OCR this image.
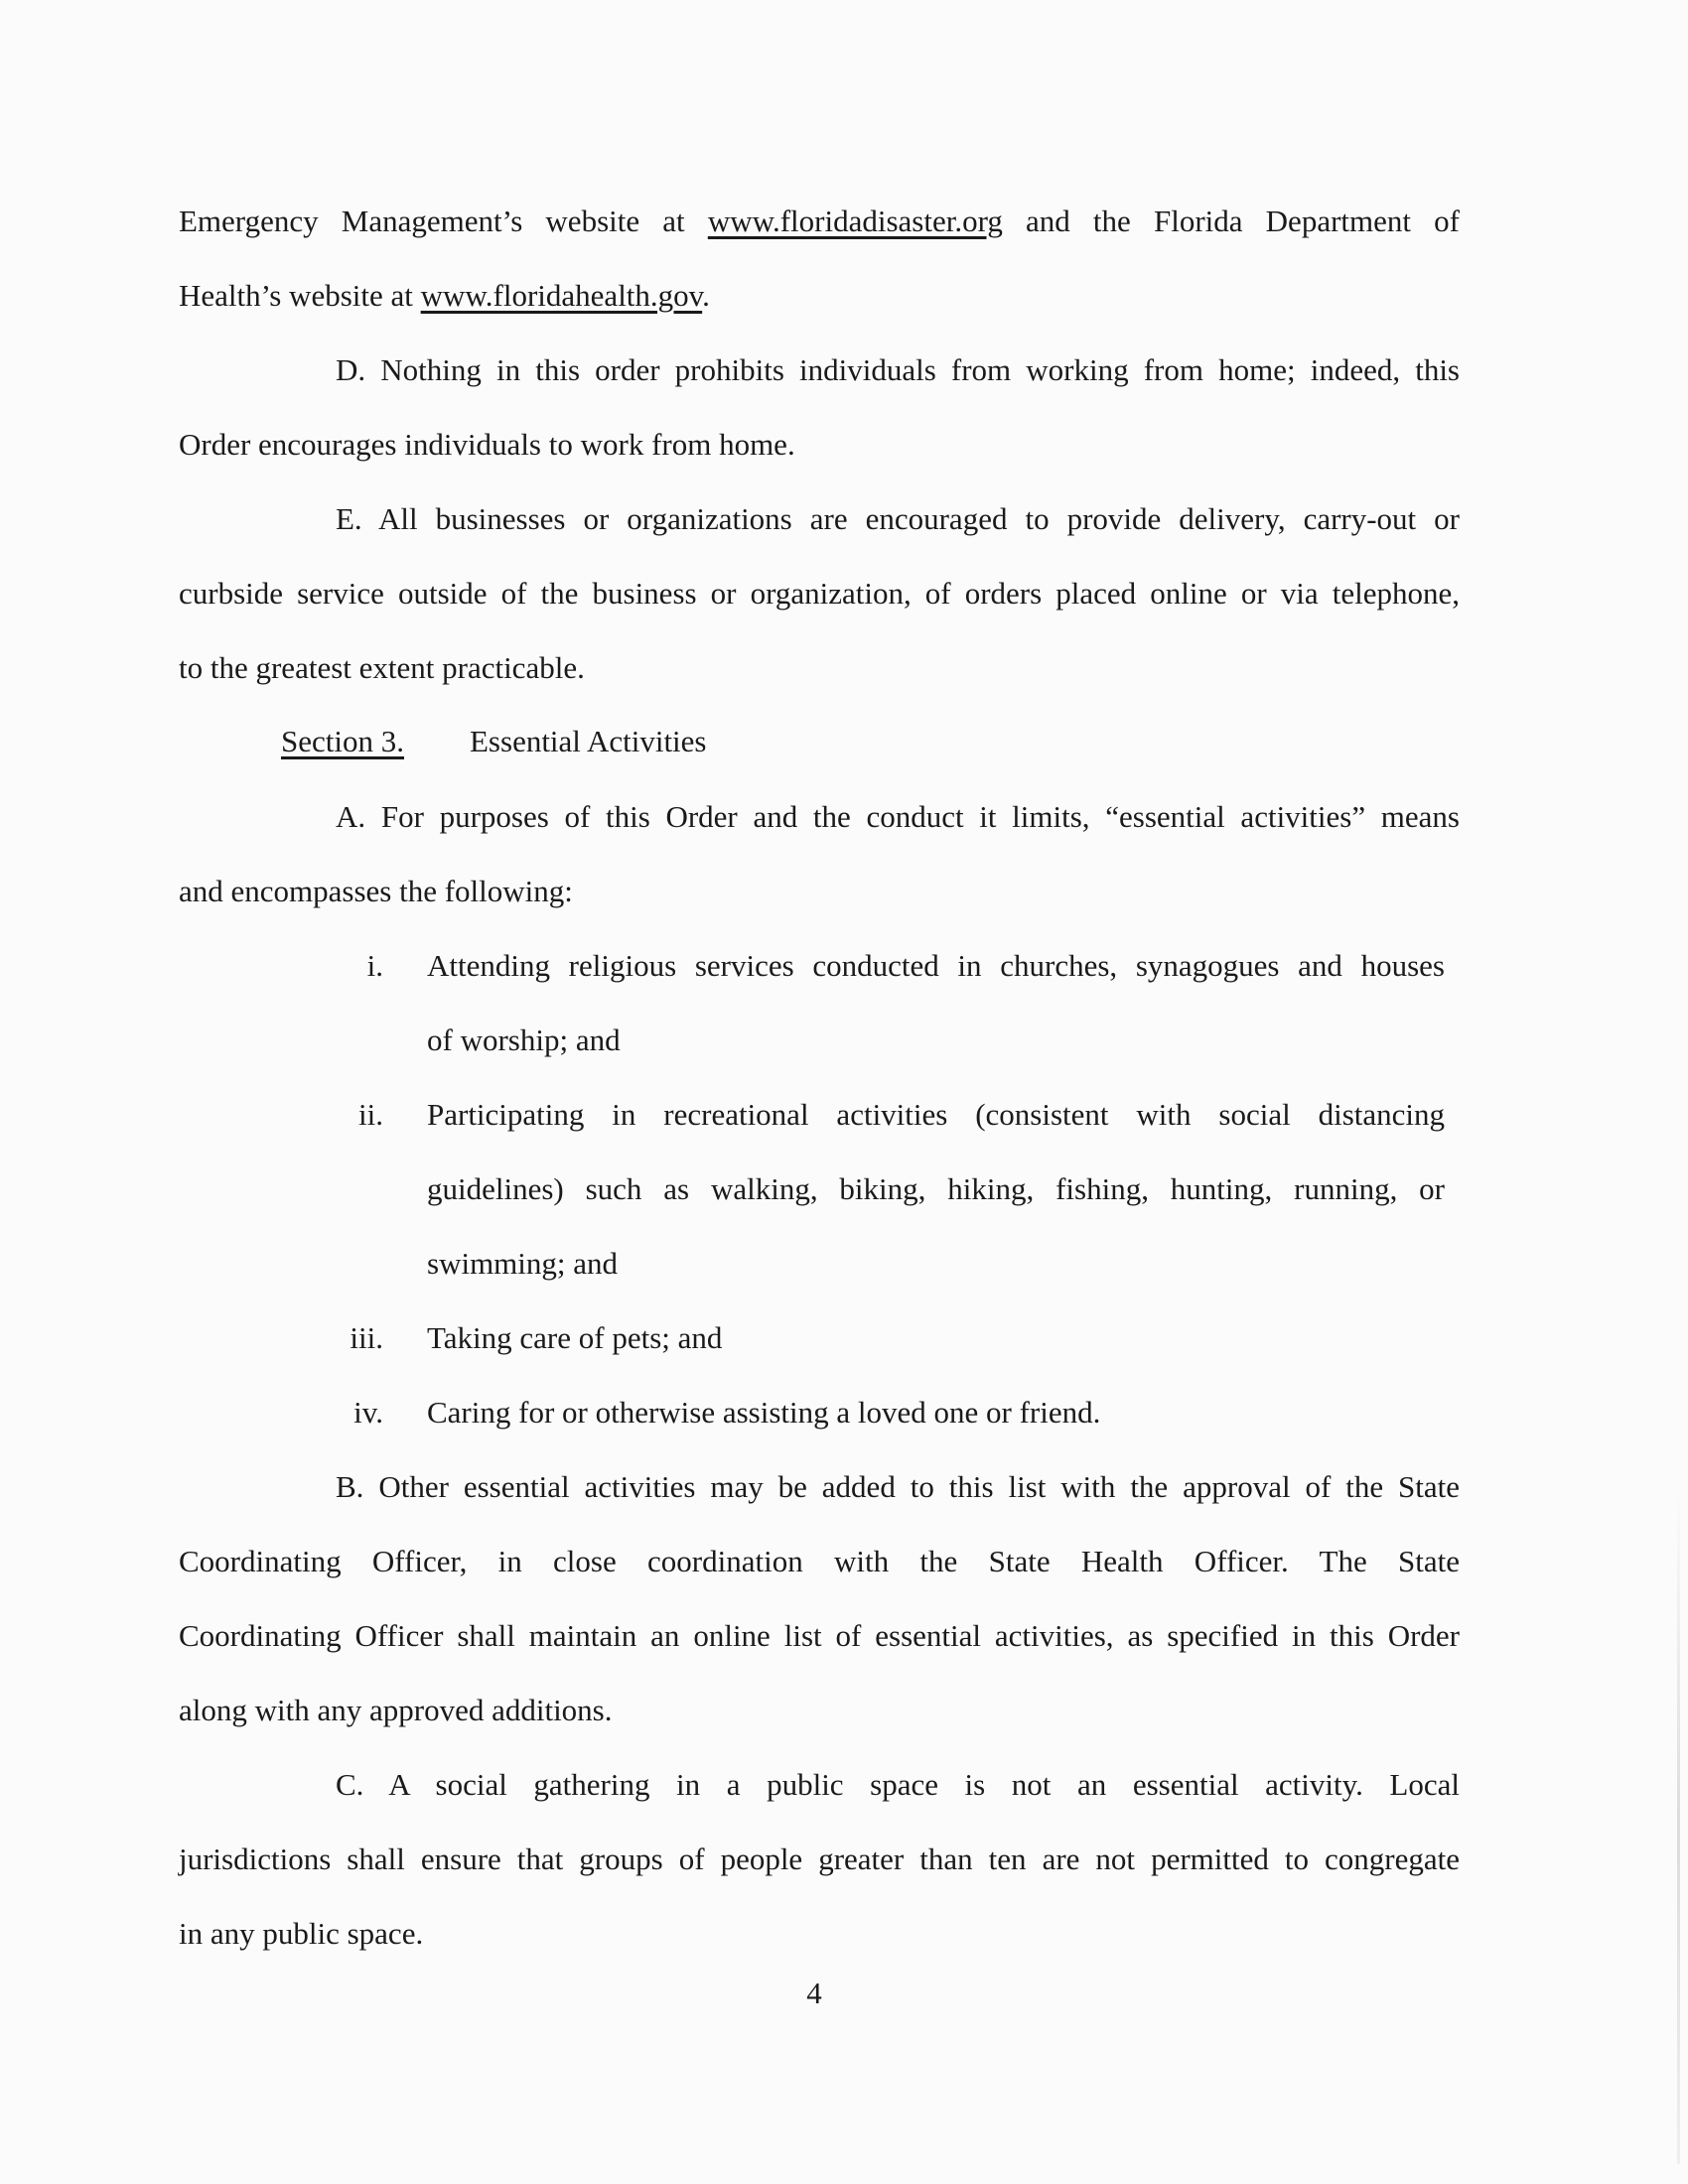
Emergency Management’s website at www.floridadisaster.org and the Florida Department of
Health’s website at www.floridahealth.gov.
D. Nothing in this order prohibits individuals from working from home; indeed, this
Order encourages individuals to work from home.
E. All businesses or organizations are encouraged to provide delivery, carry-out or
curbside service outside of the business or organization, of orders placed online or via telephone,
to the greatest extent practicable.
Section 3. Essential Activities
A. For purposes of this Order and the conduct it limits, “essential activities” means
and encompasses the following:
i. Attending religious services conducted in churches, synagogues and houses
of worship; and
ii. Participating in recreational activities (consistent with social distancing
guidelines) such as walking, biking, hiking, fishing, hunting, running, or
swimming; and
iii. Taking care of pets; and
iv. Caring for or otherwise assisting a loved one or friend.
B. Other essential activities may be added to this list with the approval of the State
Coordinating Officer, in close coordination with the State Health Officer. The State
Coordinating Officer shall maintain an online list of essential activities, as specified in this Order
along with any approved additions.
C. A social gathering in a public space is not an essential activity. Local
jurisdictions shall ensure that groups of people greater than ten are not permitted to congregate
in any public space.
4
